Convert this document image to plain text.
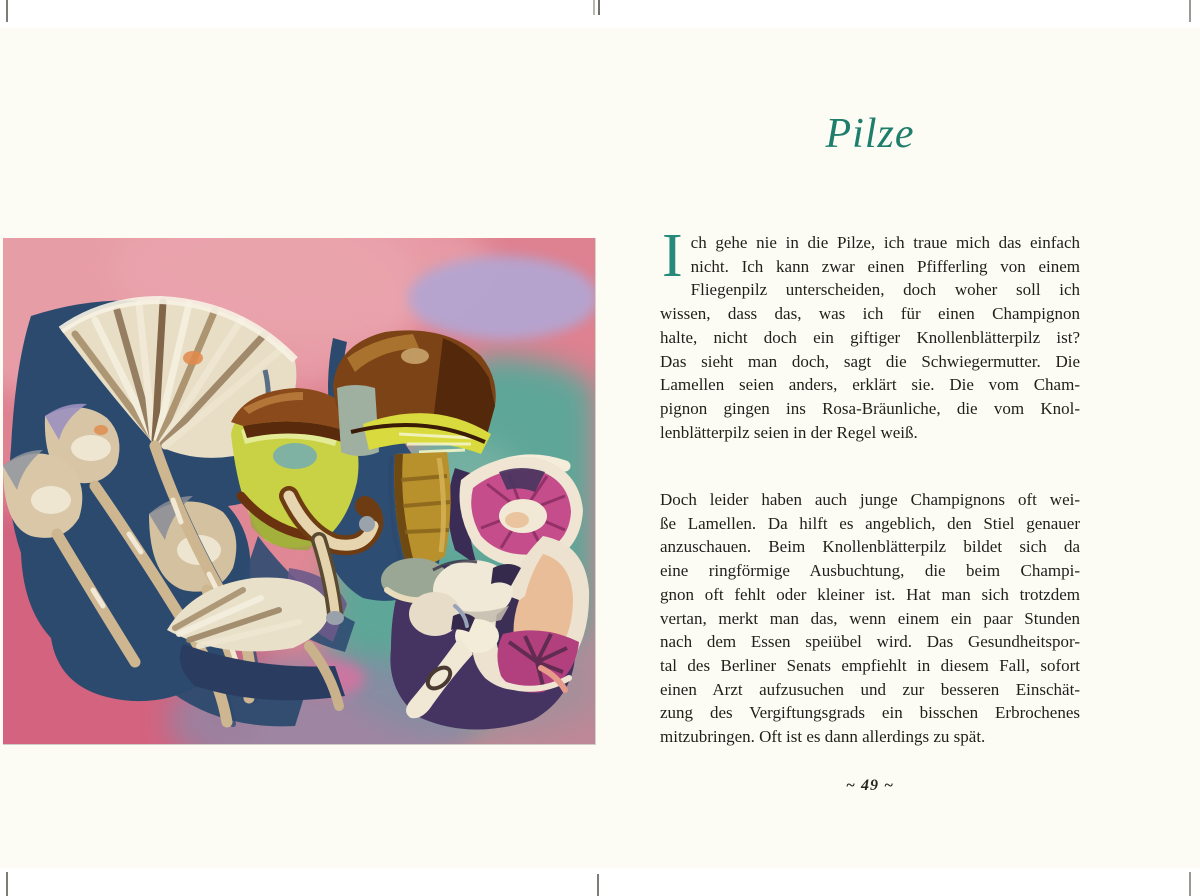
Pilze
I ch gehe nie in die Pilze, ich traue mich das einfach
nicht. Ich kann zwar einen Pfifferling von einem
Fliegenpilz unterscheiden, doch woher soll ich
wissen, dass das, was ich für einen Champignon
halte, nicht doch ein giftiger Knollenblätterpilz ist?
Das sieht man doch, sagt die Schwiegermutter. Die
Lamellen seien anders, erklärt sie. Die vom Cham-
pignon gingen ins Rosa-Bräunliche, die vom Knol-
lenblätterpilz seien in der Regel weiß.
Doch leider haben auch junge Champignons oft wei-
ße Lamellen. Da hilft es angeblich, den Stiel genauer
anzuschauen. Beim Knollenblätterpilz bildet sich da
eine ringförmige Ausbuchtung, die beim Champi-
gnon oft fehlt oder kleiner ist. Hat man sich trotzdem
vertan, merkt man das, wenn einem ein paar Stunden
nach dem Essen speiübel wird. Das Gesundheitspor-
tal des Berliner Senats empfiehlt in diesem Fall, sofort
einen Arzt aufzusuchen und zur besseren Einschät-
zung des Vergiftungsgrads ein bisschen Erbrochenes
mitzubringen. Oft ist es dann allerdings zu spät.
~ 49 ~
